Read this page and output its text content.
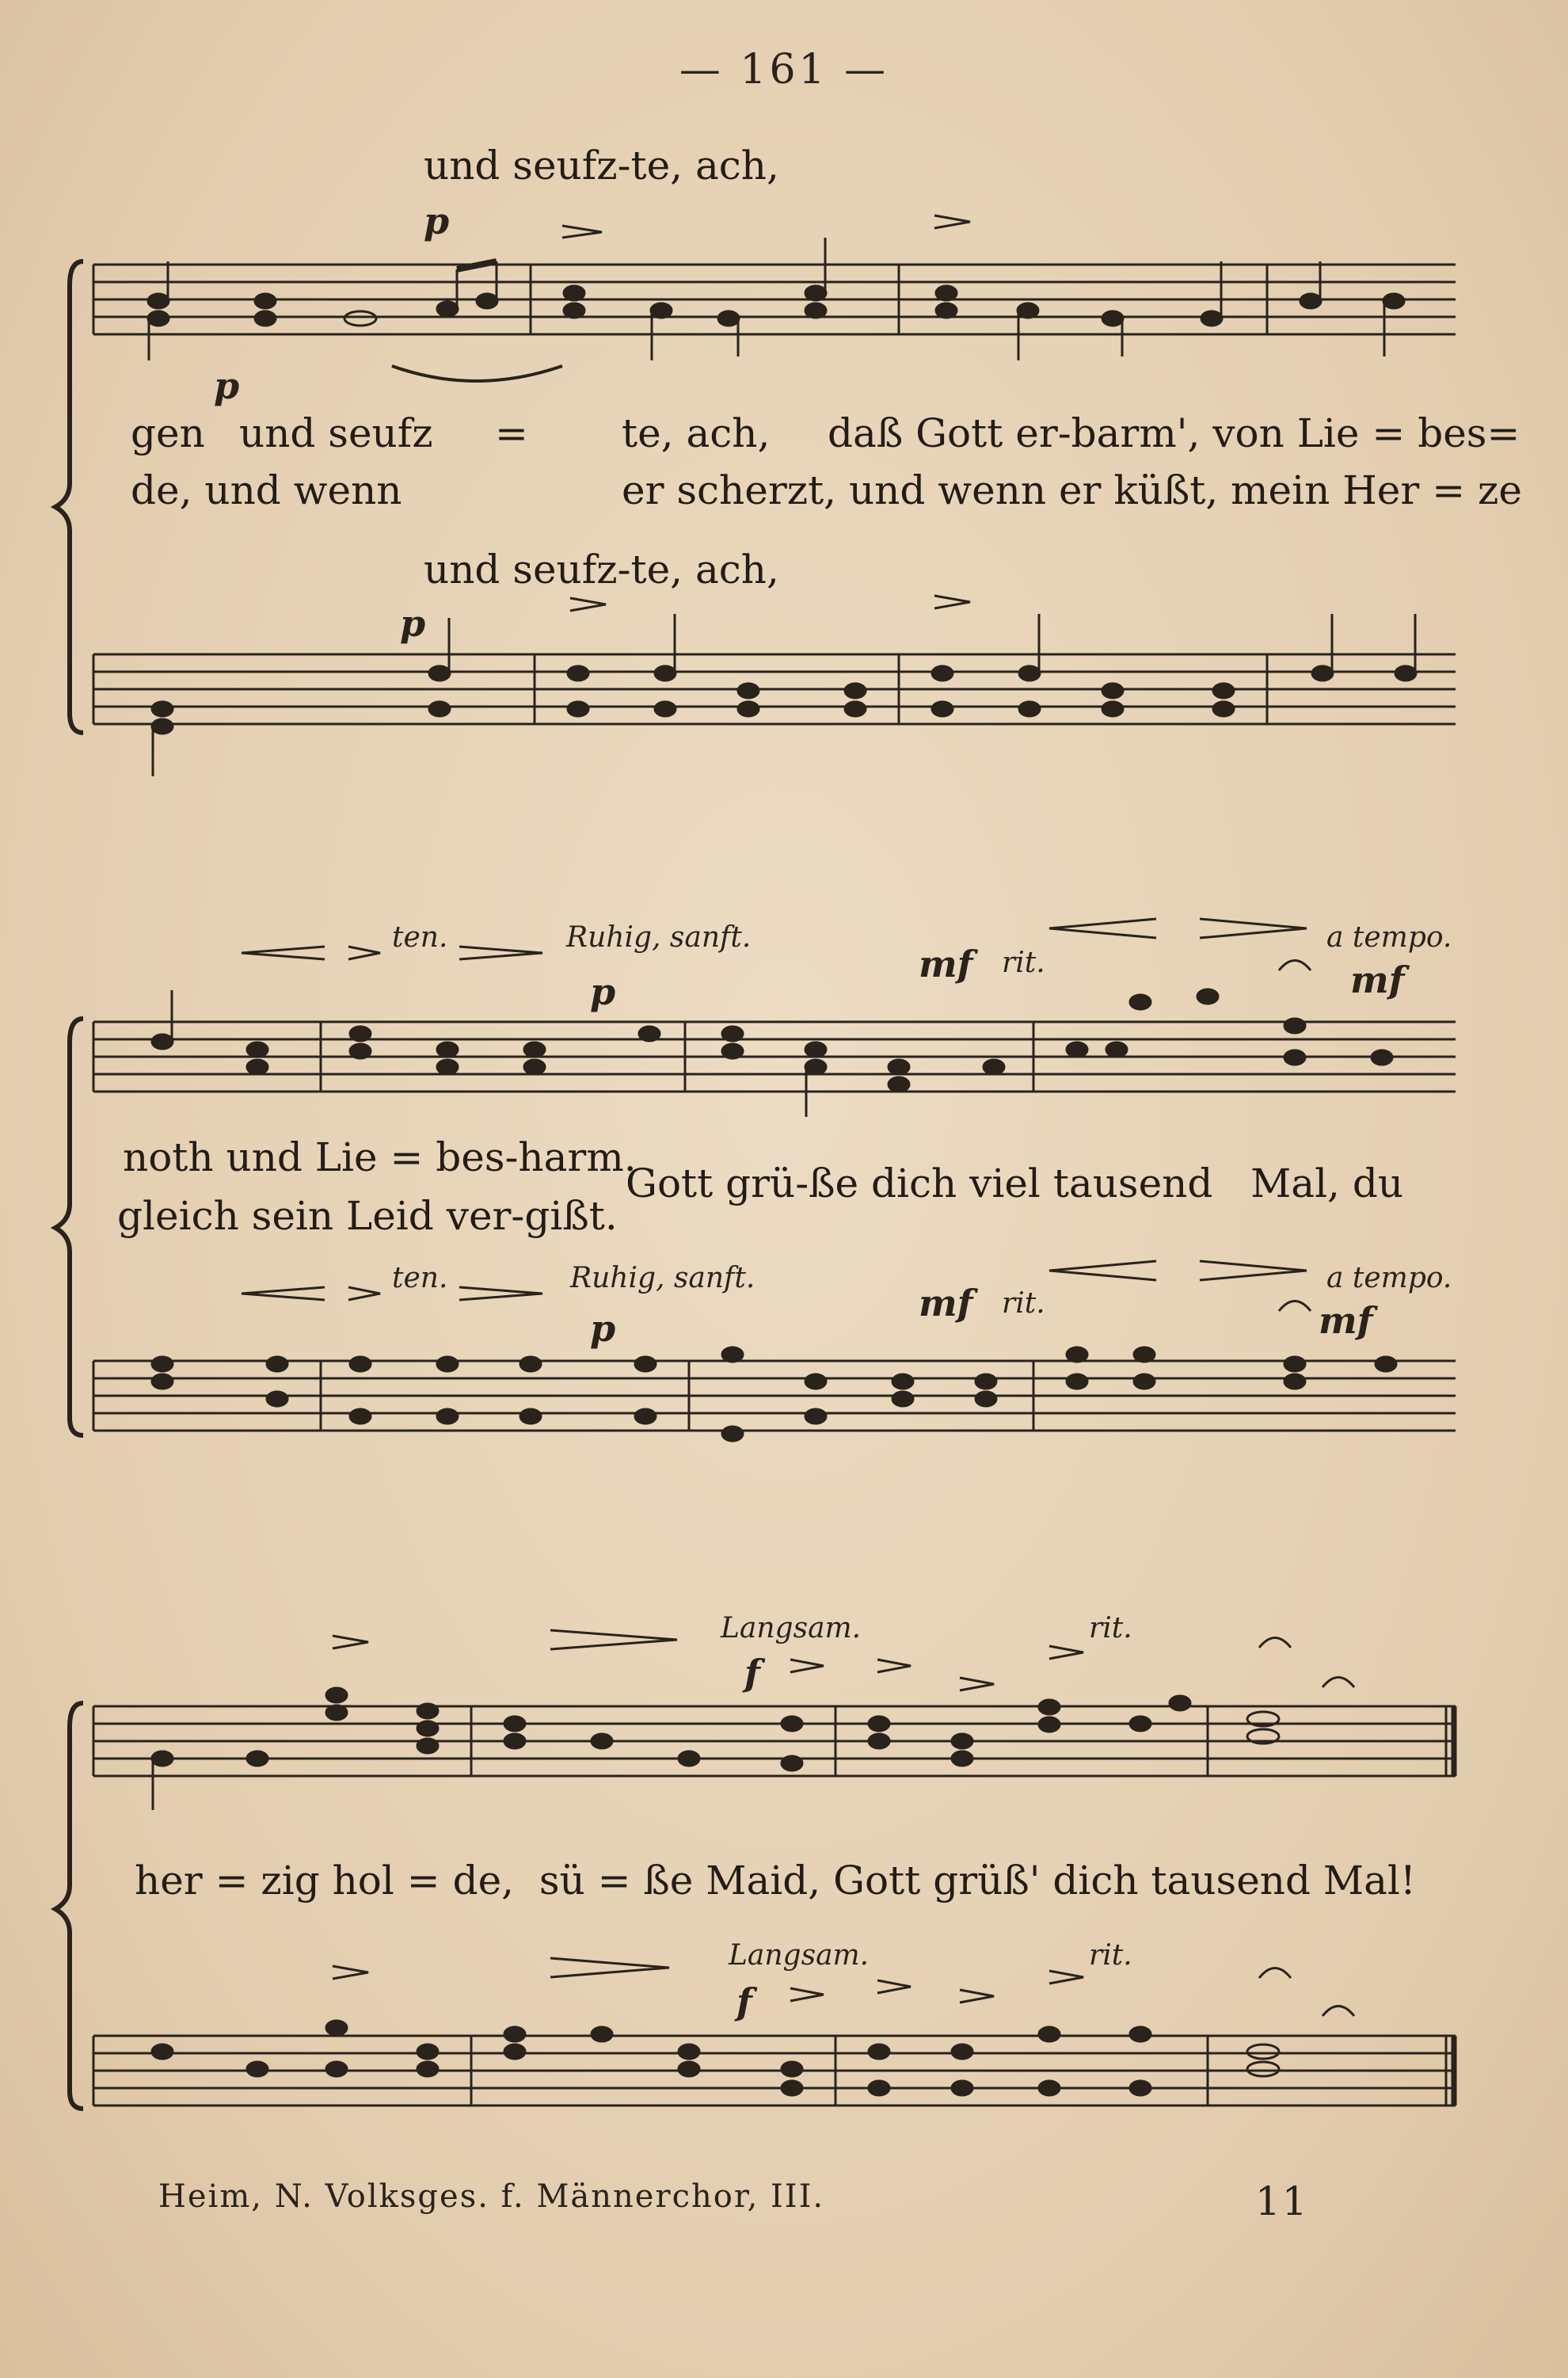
— 161 —
und seufz-te, ach,
p
p
gen und seufz = te, ach, daß Gott er-barm', von Lie = bes=
de, und wenn	er scherzt, und wenn er küßt, mein Her = ze
und seufz-te, ach,
p
ten.	Ruhig, sanft.
rit.
a tempo.
mf	mf
p
noth und Lie = bes-harm.
gleich sein Leid ver-gißt.
Gott grü-ße dich viel tausend   Mal, du
ten.	Ruhig, sanft.
rit.
a tempo.
mf	mf
p
Langsam.	rit.
f
her = zig hol = de,  sü = ße Maid, Gott grüß' dich tausend Mal!
Langsam.	rit.
f
Heim, N. Volksges. f. Männerchor, III.	11
